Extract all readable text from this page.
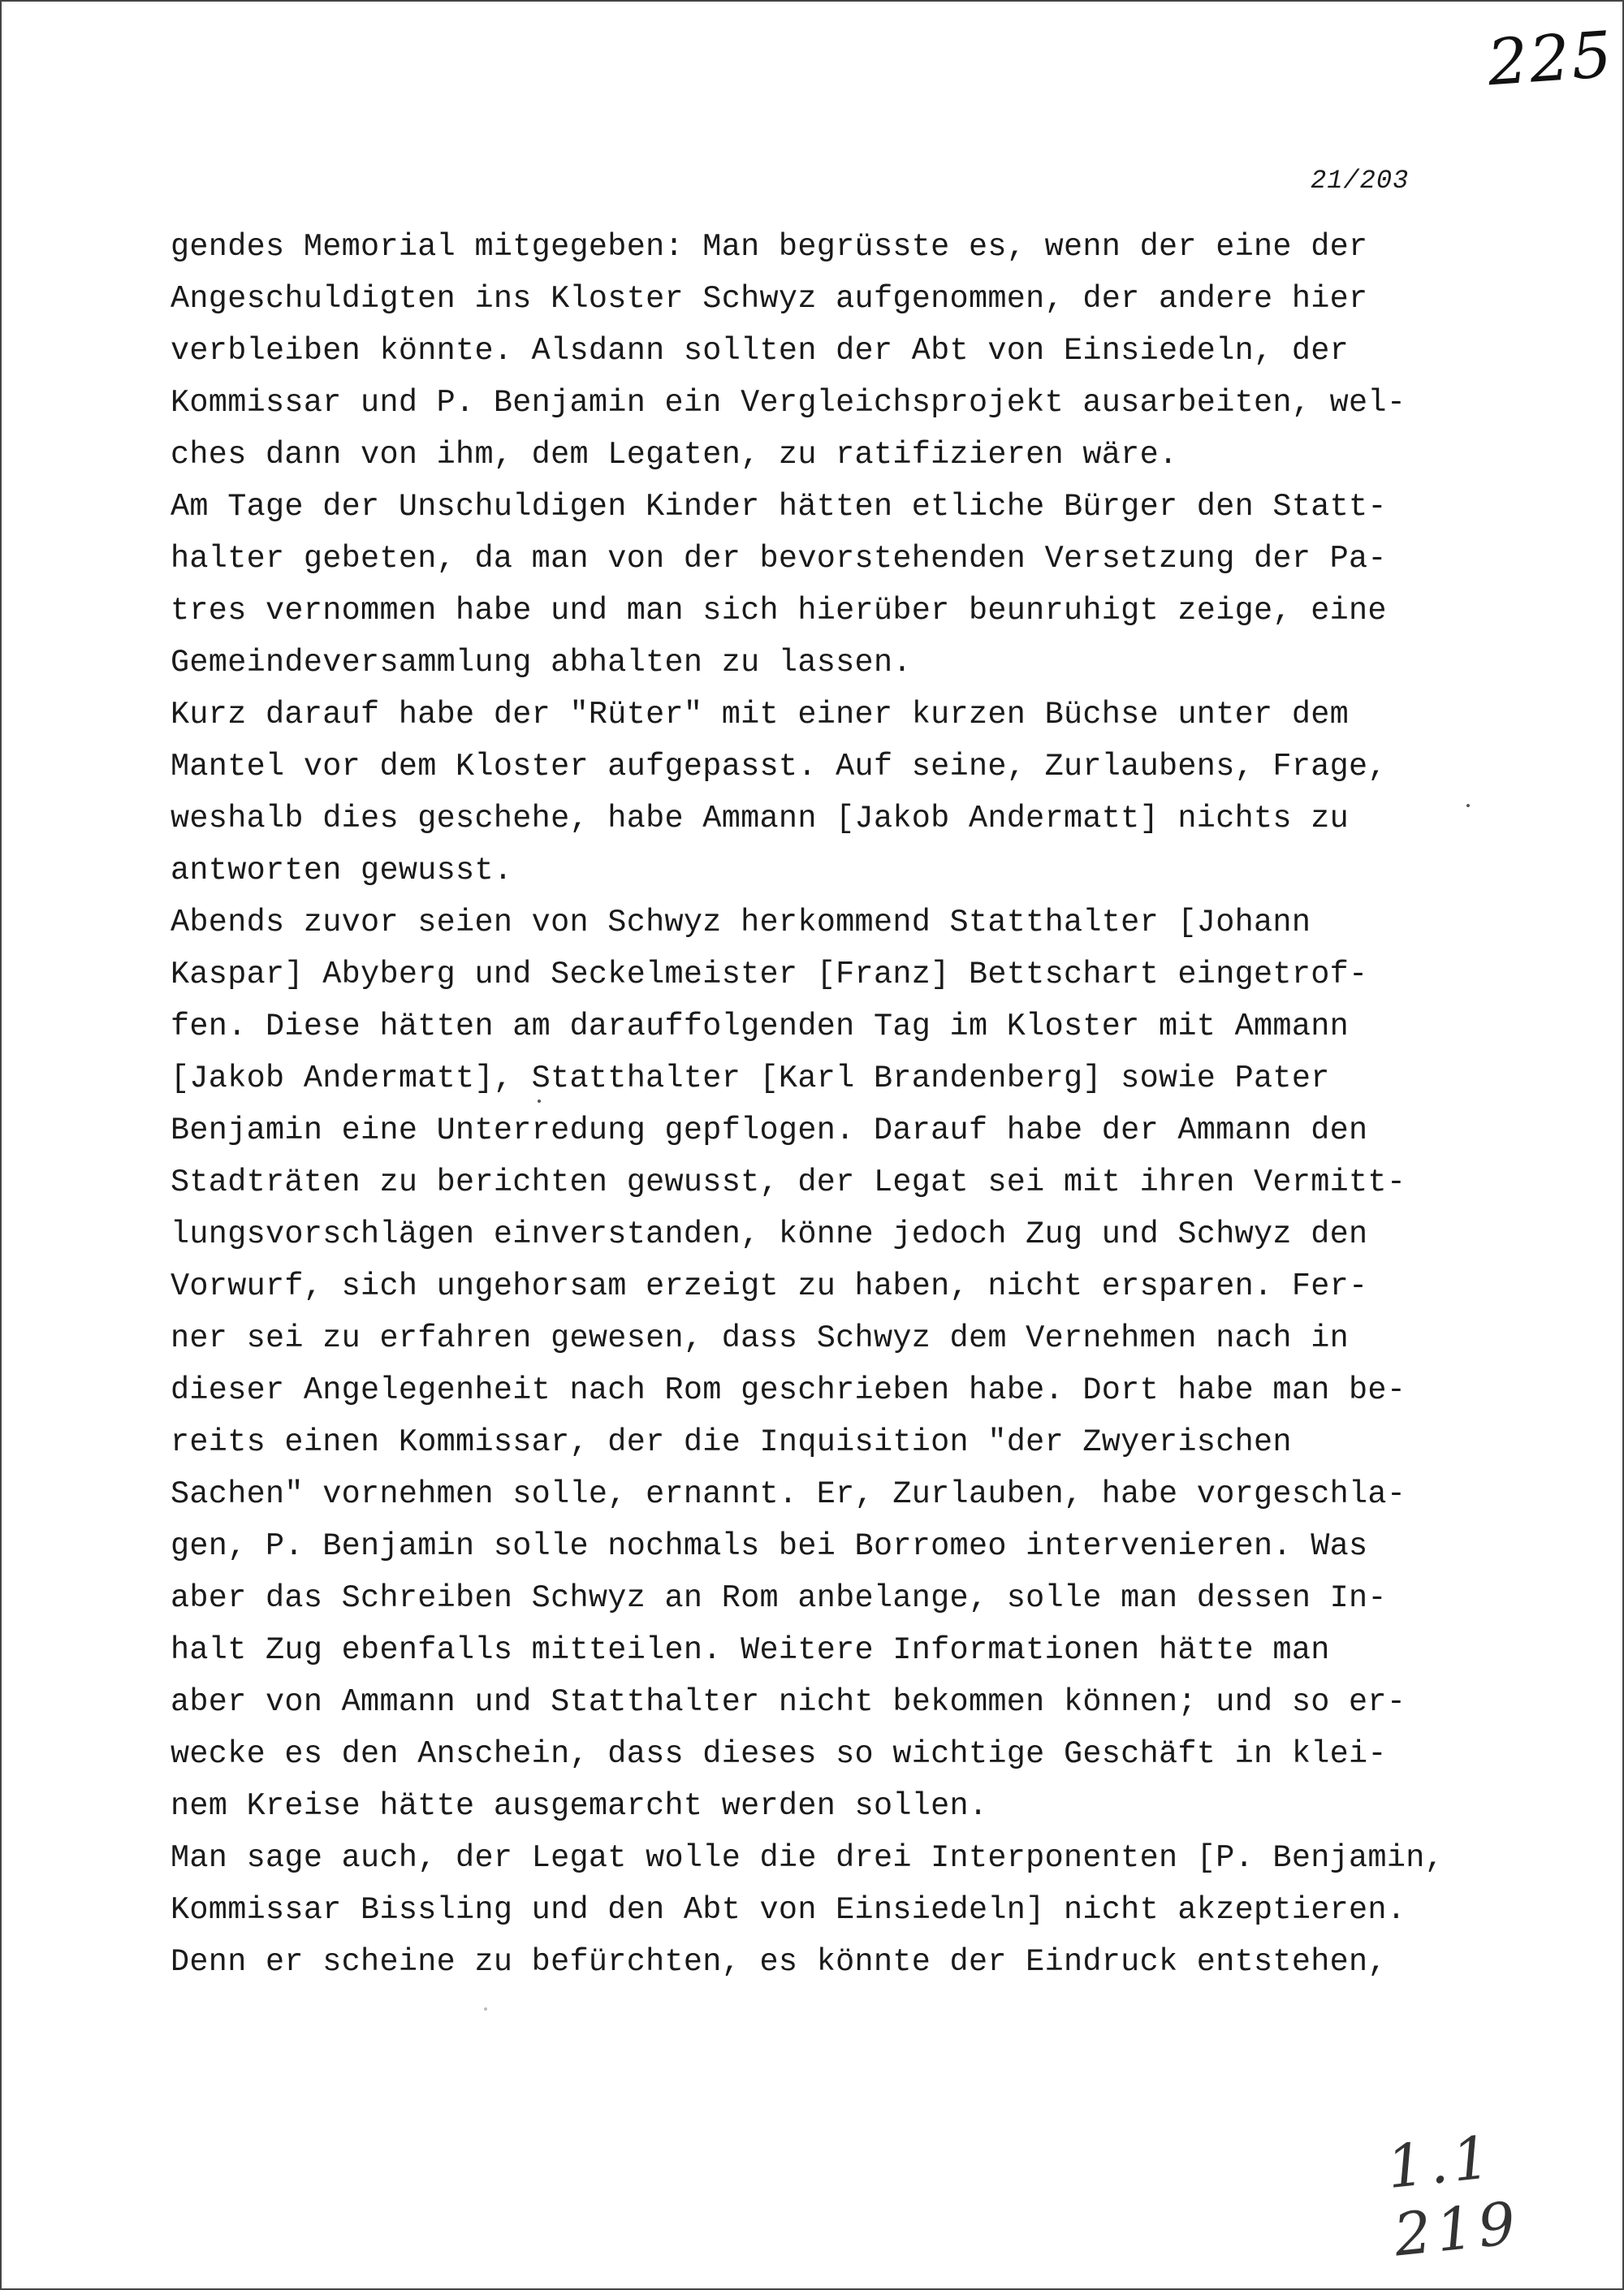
225
21/203
gendes Memorial mitgegeben: Man begrüsste es, wenn der eine der
Angeschuldigten ins Kloster Schwyz aufgenommen, der andere hier
verbleiben könnte. Alsdann sollten der Abt von Einsiedeln, der
Kommissar und P. Benjamin ein Vergleichsprojekt ausarbeiten, wel-
ches dann von ihm, dem Legaten, zu ratifizieren wäre.
Am Tage der Unschuldigen Kinder hätten etliche Bürger den Statt-
halter gebeten, da man von der bevorstehenden Versetzung der Pa-
tres vernommen habe und man sich hierüber beunruhigt zeige, eine
Gemeindeversammlung abhalten zu lassen.
Kurz darauf habe der "Rüter" mit einer kurzen Büchse unter dem
Mantel vor dem Kloster aufgepasst. Auf seine, Zurlaubens, Frage,
weshalb dies geschehe, habe Ammann [Jakob Andermatt] nichts zu
antworten gewusst.
Abends zuvor seien von Schwyz herkommend Statthalter [Johann
Kaspar] Abyberg und Seckelmeister [Franz] Bettschart eingetrof-
fen. Diese hätten am darauffolgenden Tag im Kloster mit Ammann
[Jakob Andermatt], Statthalter [Karl Brandenberg] sowie Pater
Benjamin eine Unterredung gepflogen. Darauf habe der Ammann den
Stadträten zu berichten gewusst, der Legat sei mit ihren Vermitt-
lungsvorschlägen einverstanden, könne jedoch Zug und Schwyz den
Vorwurf, sich ungehorsam erzeigt zu haben, nicht ersparen. Fer-
ner sei zu erfahren gewesen, dass Schwyz dem Vernehmen nach in
dieser Angelegenheit nach Rom geschrieben habe. Dort habe man be-
reits einen Kommissar, der die Inquisition "der Zwyerischen
Sachen" vornehmen solle, ernannt. Er, Zurlauben, habe vorgeschla-
gen, P. Benjamin solle nochmals bei Borromeo intervenieren. Was
aber das Schreiben Schwyz an Rom anbelange, solle man dessen In-
halt Zug ebenfalls mitteilen. Weitere Informationen hätte man
aber von Ammann und Statthalter nicht bekommen können; und so er-
wecke es den Anschein, dass dieses so wichtige Geschäft in klei-
nem Kreise hätte ausgemarcht werden sollen.
Man sage auch, der Legat wolle die drei Interponenten [P. Benjamin,
Kommissar Bissling und den Abt von Einsiedeln] nicht akzeptieren.
Denn er scheine zu befürchten, es könnte der Eindruck entstehen,
1.1 219
